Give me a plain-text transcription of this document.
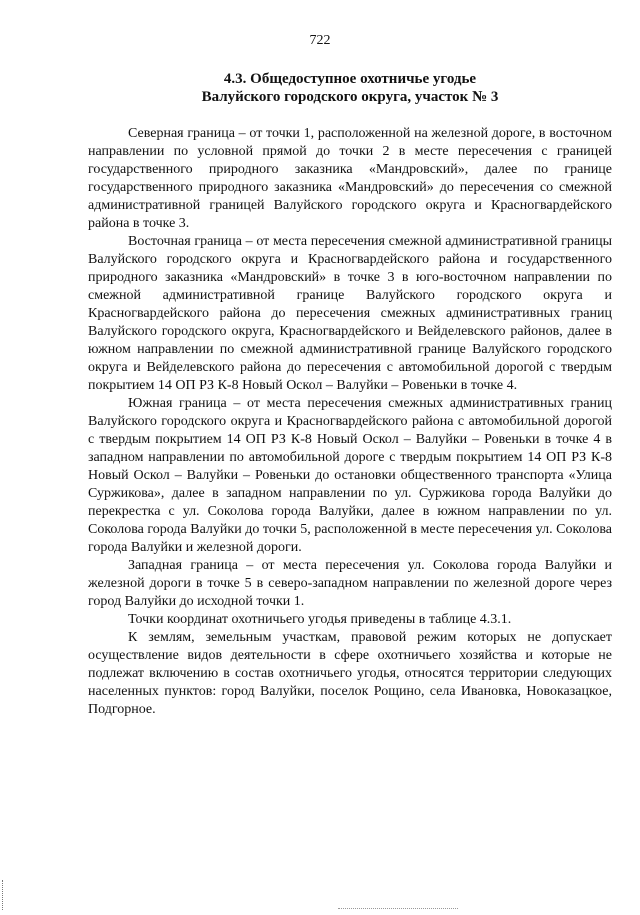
722
4.3. Общедоступное охотничье угодье
Валуйского городского округа, участок № 3

Северная граница – от точки 1, расположенной на железной дороге, в восточном направлении по условной прямой до точки 2 в месте пересечения с границей государственного природного заказника «Мандровский», далее по границе государственного природного заказника «Мандровский» до пересечения со смежной административной границей Валуйского городского округа и Красногвардейского района в точке 3.

Восточная граница – от места пересечения смежной административной границы Валуйского городского округа и Красногвардейского района и государственного природного заказника «Мандровский» в точке 3 в юго-восточном направлении по смежной административной границе Валуйского городского округа и Красногвардейского района до пересечения смежных административных границ Валуйского городского округа, Красногвардейского и Вейделевского районов, далее в южном направлении по смежной административной границе Валуйского городского округа и Вейделевского района до пересечения с автомобильной дорогой с твердым покрытием 14 ОП РЗ К-8 Новый Оскол – Валуйки – Ровеньки в точке 4.

Южная граница – от места пересечения смежных административных границ Валуйского городского округа и Красногвардейского района с автомобильной дорогой с твердым покрытием 14 ОП РЗ К-8 Новый Оскол – Валуйки – Ровеньки в точке 4 в западном направлении по автомобильной дороге с твердым покрытием 14 ОП РЗ К-8 Новый Оскол – Валуйки – Ровеньки до остановки общественного транспорта «Улица Суржикова», далее в западном направлении по ул. Суржикова города Валуйки до перекрестка с ул. Соколова города Валуйки, далее в южном направлении по ул. Соколова города Валуйки до точки 5, расположенной в месте пересечения ул. Соколова города Валуйки и железной дороги.

Западная граница – от места пересечения ул. Соколова города Валуйки и железной дороги в точке 5 в северо-западном направлении по железной дороге через город Валуйки до исходной точки 1.

Точки координат охотничьего угодья приведены в таблице 4.3.1.

К землям, земельным участкам, правовой режим которых не допускает осуществление видов деятельности в сфере охотничьего хозяйства и которые не подлежат включению в состав охотничьего угодья, относятся территории следующих населенных пунктов: город Валуйки, поселок Рощино, села Ивановка, Новоказацкое, Подгорное.
